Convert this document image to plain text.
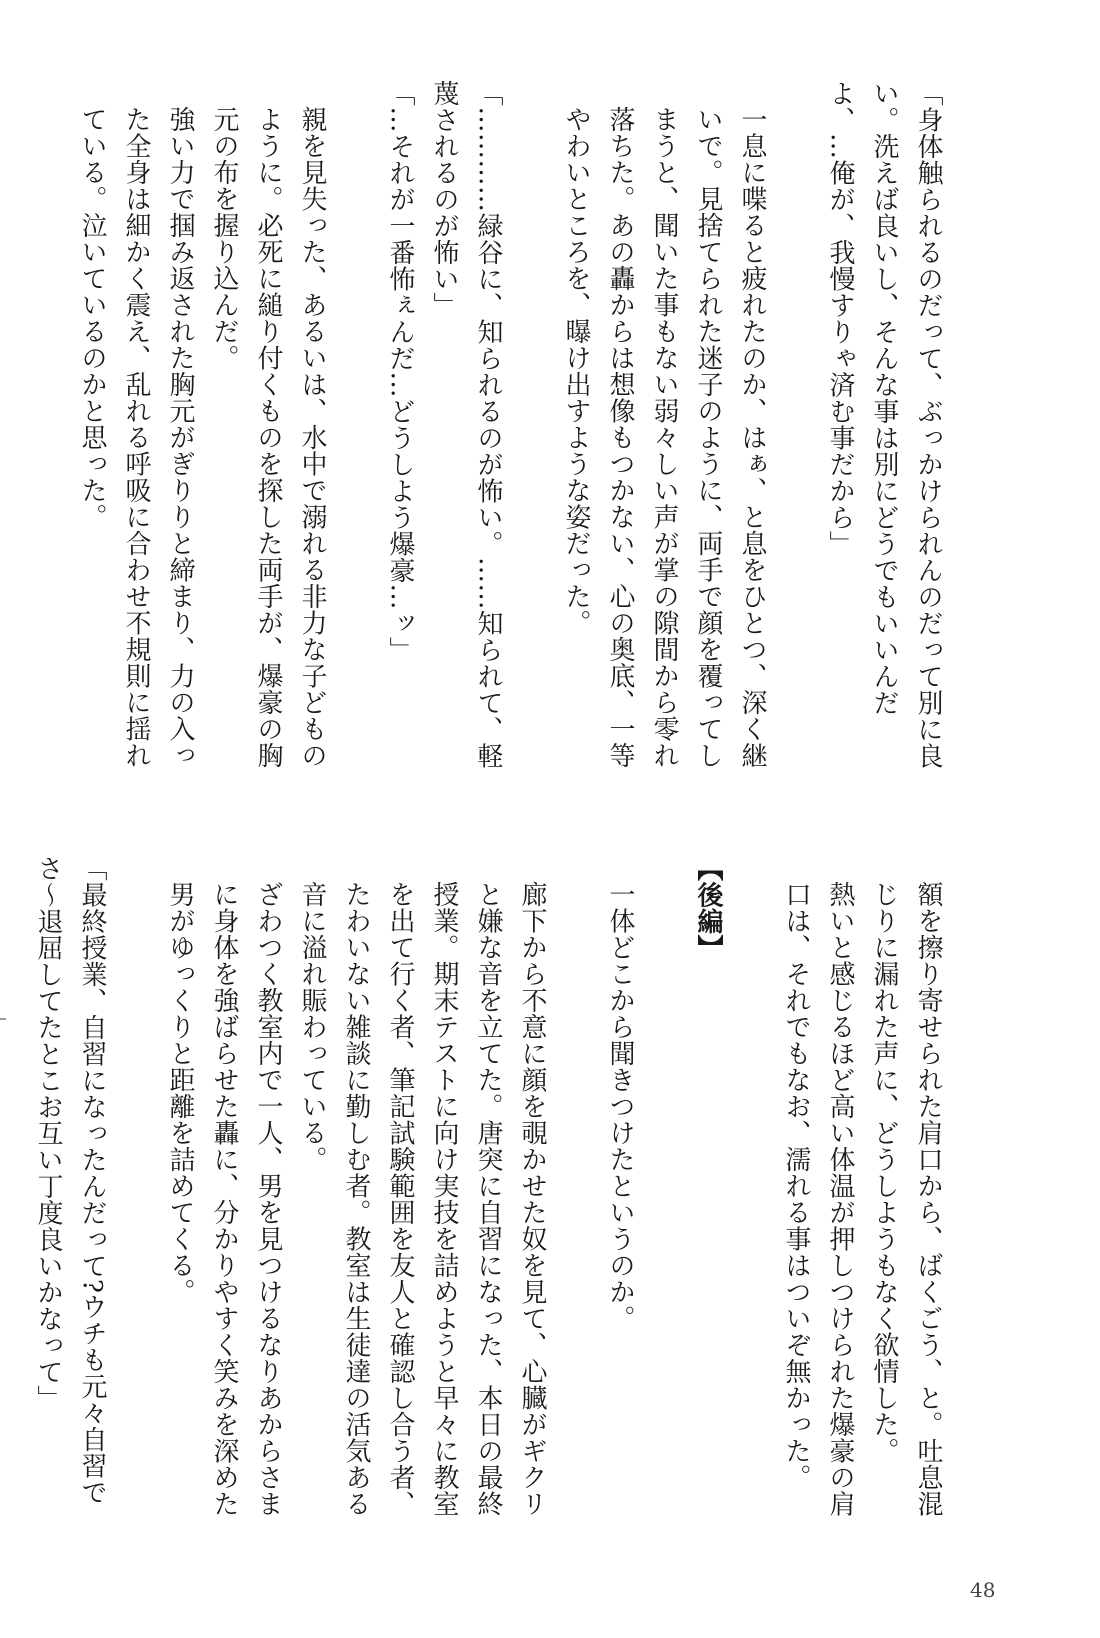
「身体触られるのだって、ぶっかけられんのだって別に良い。洗えば良いし、そんな事は別にどうでもいいんだよ、…俺が、我慢すりゃ済む事だから」

一息に喋ると疲れたのか、はぁ、と息をひとつ、深く継いで。見捨てられた迷子のように、両手で顔を覆ってしまうと、聞いた事もない弱々しい声が掌の隙間から零れ落ちた。あの轟からは想像もつかない、心の奥底、一等やわいところを、曝け出すような姿だった。

「…………緑谷に、知られるのが怖い。……知られて、軽蔑されるのが怖い」

「…それが一番怖ぇんだ…どうしよう爆豪…ッ」

親を見失った、あるいは、水中で溺れる非力な子どものように。必死に縋り付くものを探した両手が、爆豪の胸元の布を握り込んだ。

強い力で掴み返された胸元がぎりりと締まり、力の入った全身は細かく震え、乱れる呼吸に合わせ不規則に揺れている。泣いているのかと思った。

額を擦り寄せられた肩口から、ばくごう、と。吐息混じりに漏れた声に、どうしようもなく欲情した。

熱いと感じるほど高い体温が押しつけられた爆豪の肩口は、それでもなお、濡れる事はついぞ無かった。

【後編】

一体どこから聞きつけたというのか。

廊下から不意に顔を覗かせた奴を見て、心臓がギクリと嫌な音を立てた。唐突に自習になった、本日の最終授業。期末テストに向け実技を詰めようと早々に教室を出て行く者、筆記試験範囲を友人と確認し合う者、たわいない雑談に勤しむ者。教室は生徒達の活気ある音に溢れ賑わっている。

ざわつく教室内で一人、男を見つけるなりあからさまに身体を強ばらせた轟に、分かりやすく笑みを深めた男がゆっくりと距離を詰めてくる。

「最終授業、自習になったんだって?ウチも元々自習でさ〜退屈してたとこお互い丁度良いかなって」

48
